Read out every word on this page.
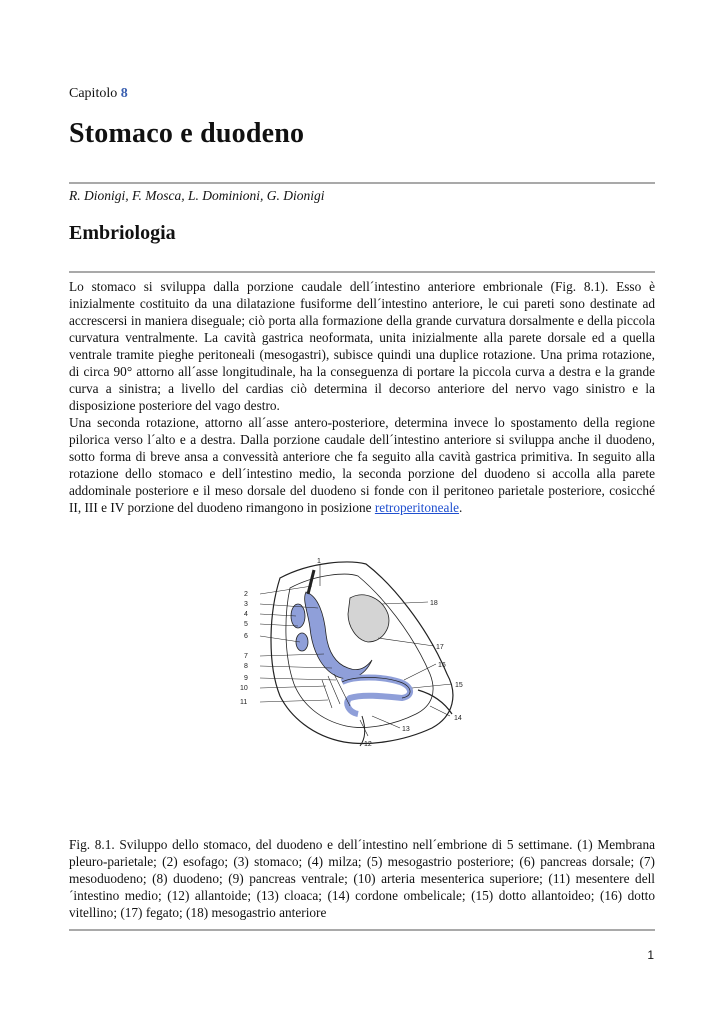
Capitolo 8
Stomaco e duodeno
R. Dionigi, F. Mosca, L. Dominioni, G. Dionigi
Embriologia

Lo stomaco si sviluppa dalla porzione caudale dell´intestino anteriore embrionale (Fig. 8.1). Esso è inizialmente costituito da una dilatazione fusiforme dell´intestino anteriore, le cui pareti sono destinate ad accrescersi in maniera diseguale; ciò porta alla formazione della grande curvatura dorsalmente e della piccola curvatura ventralmente. La cavità gastrica neoformata, unita inizialmente alla parete dorsale ed a quella ventrale tramite pieghe peritoneali (mesogastri), subisce quindi una duplice rotazione. Una prima rotazione, di circa 90° attorno all´asse longitudinale, ha la conseguenza di portare la piccola curva a destra e la grande curva a sinistra; a livello del cardias ciò determina il decorso anteriore del nervo vago sinistro e la disposizione posteriore del vago destro.

Una seconda rotazione, attorno all´asse antero-posteriore, determina invece lo spostamento della regione pilorica verso l´alto e a destra. Dalla porzione caudale dell´intestino anteriore si sviluppa anche il duodeno, sotto forma di breve ansa a convessità anteriore che fa seguito alla cavità gastrica primitiva. In seguito alla rotazione dello stomaco e dell´intestino medio, la seconda porzione del duodeno si accolla alla parete addominale posteriore e il meso dorsale del duodeno si fonde con il peritoneo parietale posteriore, cosicché II, III e IV porzione del duodeno rimangono in posizione retroperitoneale.

1
2
3
4
5
6
7
8
9
10
11
12
13
14
15
16
17
18

Fig. 8.1. Sviluppo dello stomaco, del duodeno e dell´intestino nell´embrione di 5 settimane. (1) Membrana pleuro-parietale; (2) esofago; (3) stomaco; (4) milza; (5) mesogastrio posteriore; (6) pancreas dorsale; (7) mesoduodeno; (8) duodeno; (9) pancreas ventrale; (10) arteria mesenterica superiore; (11) mesentere dell´intestino medio; (12) allantoide; (13) cloaca; (14) cordone ombelicale; (15) dotto allantoideo; (16) dotto vitellino; (17) fegato; (18) mesogastrio anteriore

1
